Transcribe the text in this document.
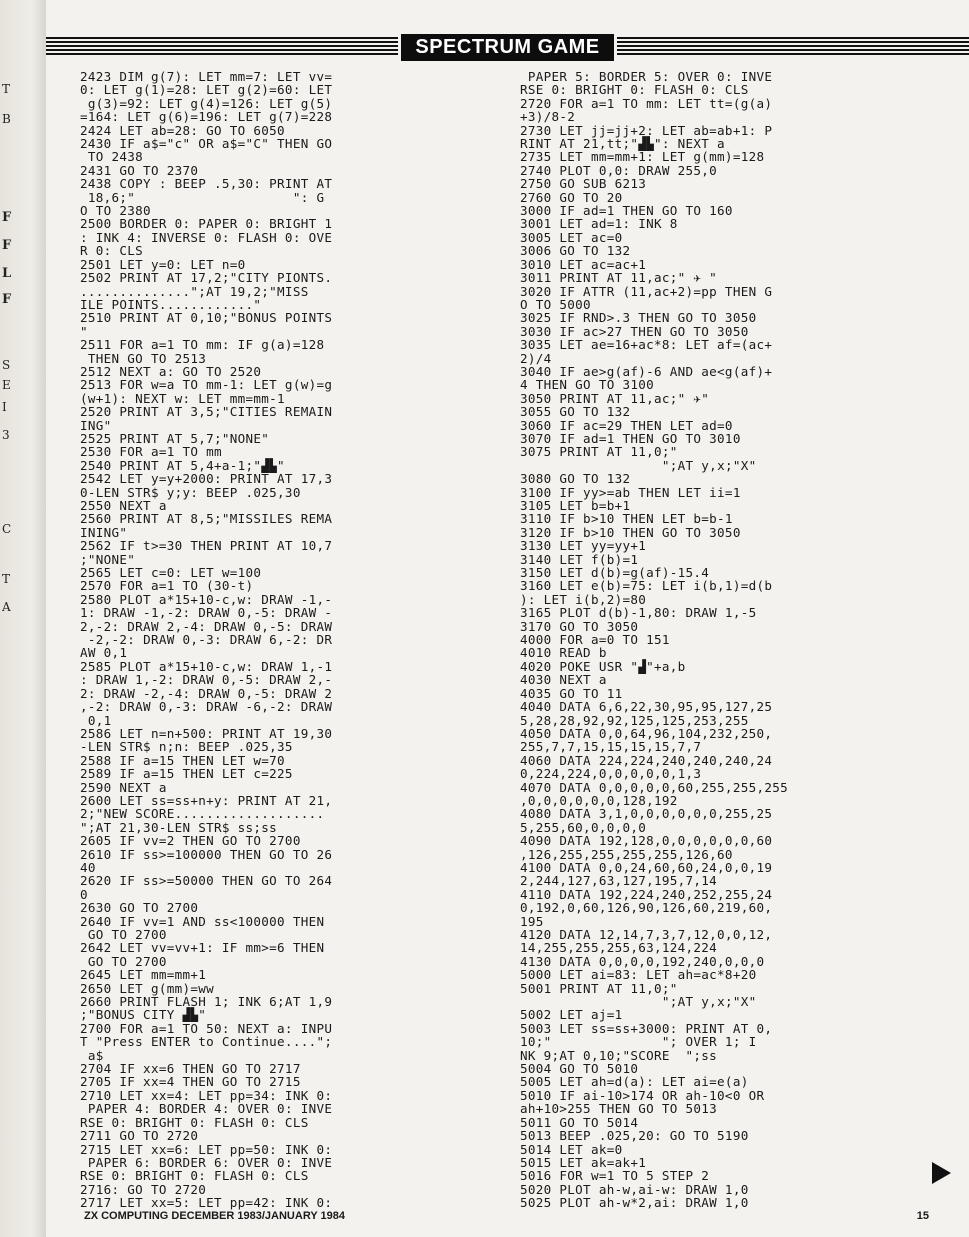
T
B
F
F
L
F
S
E
I
3
C
T
A
SPECTRUM GAME
2423 DIM g(7): LET mm=7: LET vv=
0: LET g(1)=28: LET g(2)=60: LET
g(3)=92: LET g(4)=126: LET g(5)
=164: LET g(6)=196: LET g(7)=228
2424 LET ab=28: GO TO 6050
2430 IF a$="c" OR a$="C" THEN GO
TO 2438
2431 GO TO 2370
2438 COPY : BEEP .5,30: PRINT AT
18,6;"                    ": G
O TO 2380
2500 BORDER 0: PAPER 0: BRIGHT 1
: INK 4: INVERSE 0: FLASH 0: OVE
R 0: CLS
2501 LET y=0: LET n=0
2502 PRINT AT 17,2;"CITY PIONTS.
..............";AT 19,2;"MISS
ILE POINTS............"
2510 PRINT AT 0,10;"BONUS POINTS
"
2511 FOR a=1 TO mm: IF g(a)=128
THEN GO TO 2513
2512 NEXT a: GO TO 2520
2513 FOR w=a TO mm-1: LET g(w)=g
(w+1): NEXT w: LET mm=mm-1
2520 PRINT AT 3,5;"CITIES REMAIN
ING"
2525 PRINT AT 5,7;"NONE"
2530 FOR a=1 TO mm
2540 PRINT AT 5,4+a-1;"▟▙"
2542 LET y=y+2000: PRINT AT 17,3
0-LEN STR$ y;y: BEEP .025,30
2550 NEXT a
2560 PRINT AT 8,5;"MISSILES REMA
INING"
2562 IF t>=30 THEN PRINT AT 10,7
;"NONE"
2565 LET c=0: LET w=100
2570 FOR a=1 TO (30-t)
2580 PLOT a*15+10-c,w: DRAW -1,-
1: DRAW -1,-2: DRAW 0,-5: DRAW -
2,-2: DRAW 2,-4: DRAW 0,-5: DRAW
-2,-2: DRAW 0,-3: DRAW 6,-2: DR
AW 0,1
2585 PLOT a*15+10-c,w: DRAW 1,-1
: DRAW 1,-2: DRAW 0,-5: DRAW 2,-
2: DRAW -2,-4: DRAW 0,-5: DRAW 2
,-2: DRAW 0,-3: DRAW -6,-2: DRAW
0,1
2586 LET n=n+500: PRINT AT 19,30
-LEN STR$ n;n: BEEP .025,35
2588 IF a=15 THEN LET w=70
2589 IF a=15 THEN LET c=225
2590 NEXT a
2600 LET ss=ss+n+y: PRINT AT 21,
2;"NEW SCORE...................
";AT 21,30-LEN STR$ ss;ss
2605 IF vv=2 THEN GO TO 2700
2610 IF ss>=100000 THEN GO TO 26
40
2620 IF ss>=50000 THEN GO TO 264
0
2630 GO TO 2700
2640 IF vv=1 AND ss<100000 THEN
GO TO 2700
2642 LET vv=vv+1: IF mm>=6 THEN
GO TO 2700
2645 LET mm=mm+1
2650 LET g(mm)=ww
2660 PRINT FLASH 1; INK 6;AT 1,9
;"BONUS CITY ▟▙"
2700 FOR a=1 TO 50: NEXT a: INPU
T "Press ENTER to Continue....";
a$
2704 IF xx=6 THEN GO TO 2717
2705 IF xx=4 THEN GO TO 2715
2710 LET xx=4: LET pp=34: INK 0:
PAPER 4: BORDER 4: OVER 0: INVE
RSE 0: BRIGHT 0: FLASH 0: CLS
2711 GO TO 2720
2715 LET xx=6: LET pp=50: INK 0:
PAPER 6: BORDER 6: OVER 0: INVE
RSE 0: BRIGHT 0: FLASH 0: CLS
2716: GO TO 2720
2717 LET xx=5: LET pp=42: INK 0:
PAPER 5: BORDER 5: OVER 0: INVE
RSE 0: BRIGHT 0: FLASH 0: CLS
2720 FOR a=1 TO mm: LET tt=(g(a)
+3)/8-2
2730 LET jj=jj+2: LET ab=ab+1: P
RINT AT 21,tt;"▟▙": NEXT a
2735 LET mm=mm+1: LET g(mm)=128
2740 PLOT 0,0: DRAW 255,0
2750 GO SUB 6213
2760 GO TO 20
3000 IF ad=1 THEN GO TO 160
3001 LET ad=1: INK 8
3005 LET ac=0
3006 GO TO 132
3010 LET ac=ac+1
3011 PRINT AT 11,ac;" ✈ "
3020 IF ATTR (11,ac+2)=pp THEN G
O TO 5000
3025 IF RND>.3 THEN GO TO 3050
3030 IF ac>27 THEN GO TO 3050
3035 LET ae=16+ac*8: LET af=(ac+
2)/4
3040 IF ae>g(af)-6 AND ae<g(af)+
4 THEN GO TO 3100
3050 PRINT AT 11,ac;" ✈"
3055 GO TO 132
3060 IF ac=29 THEN LET ad=0
3070 IF ad=1 THEN GO TO 3010
3075 PRINT AT 11,0;"
";AT y,x;"X"
3080 GO TO 132
3100 IF yy>=ab THEN LET ii=1
3105 LET b=b+1
3110 IF b>10 THEN LET b=b-1
3120 IF b>10 THEN GO TO 3050
3130 LET yy=yy+1
3140 LET f(b)=1
3150 LET d(b)=g(af)-15.4
3160 LET e(b)=75: LET i(b,1)=d(b
): LET i(b,2)=80
3165 PLOT d(b)-1,80: DRAW 1,-5
3170 GO TO 3050
4000 FOR a=0 TO 151
4010 READ b
4020 POKE USR "▟"+a,b
4030 NEXT a
4035 GO TO 11
4040 DATA 6,6,22,30,95,95,127,25
5,28,28,92,92,125,125,253,255
4050 DATA 0,0,64,96,104,232,250,
255,7,7,15,15,15,15,7,7
4060 DATA 224,224,240,240,240,24
0,224,224,0,0,0,0,0,1,3
4070 DATA 0,0,0,0,0,60,255,255,255
,0,0,0,0,0,0,128,192
4080 DATA 3,1,0,0,0,0,0,0,255,25
5,255,60,0,0,0,0
4090 DATA 192,128,0,0,0,0,0,0,60
,126,255,255,255,255,126,60
4100 DATA 0,0,24,60,60,24,0,0,19
2,244,127,63,127,195,7,14
4110 DATA 192,224,240,252,255,24
0,192,0,60,126,90,126,60,219,60,
195
4120 DATA 12,14,7,3,7,12,0,0,12,
14,255,255,255,63,124,224
4130 DATA 0,0,0,0,192,240,0,0,0
5000 LET ai=83: LET ah=ac*8+20
5001 PRINT AT 11,0;"
";AT y,x;"X"
5002 LET aj=1
5003 LET ss=ss+3000: PRINT AT 0,
10;"              "; OVER 1; I
NK 9;AT 0,10;"SCORE  ";ss
5004 GO TO 5010
5005 LET ah=d(a): LET ai=e(a)
5010 IF ai-10>174 OR ah-10<0 OR
ah+10>255 THEN GO TO 5013
5011 GO TO 5014
5013 BEEP .025,20: GO TO 5190
5014 LET ak=0
5015 LET ak=ak+1
5016 FOR w=1 TO 5 STEP 2
5020 PLOT ah-w,ai-w: DRAW 1,0
5025 PLOT ah-w*2,ai: DRAW 1,0
ZX COMPUTING DECEMBER 1983/JANUARY 1984	15
